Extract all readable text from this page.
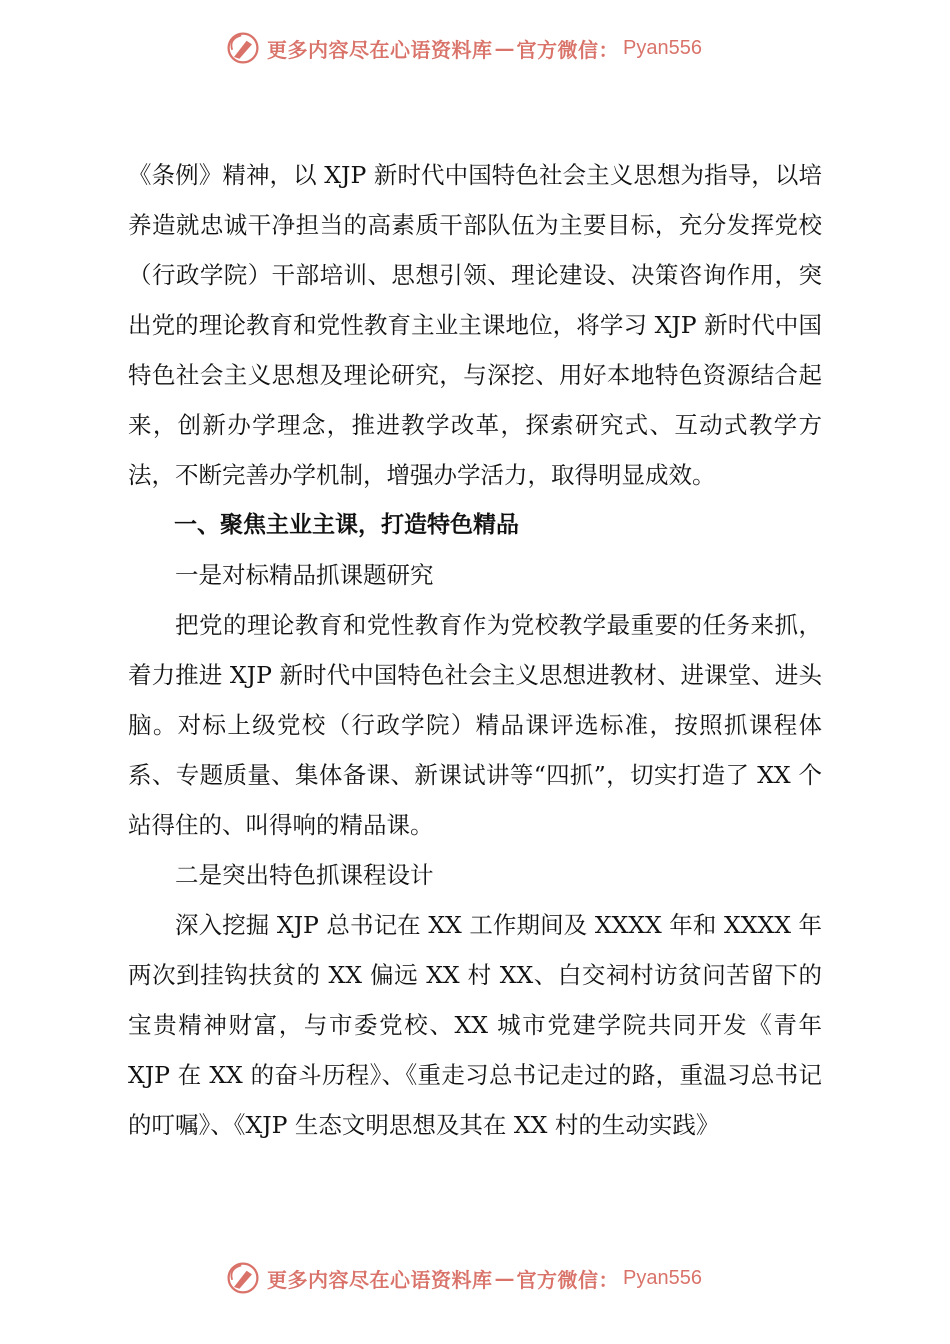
更多内容尽在心语资料库 — 官方微信： Pyan556

《条例》精神，以 XJP 新时代中国特色社会主义思想为指导，以培养造就忠诚干净担当的高素质干部队伍为主要目标，充分发挥党校（行政学院）干部培训、思想引领、理论建设、决策咨询作用，突出党的理论教育和党性教育主业主课地位，将学习 XJP 新时代中国特色社会主义思想及理论研究，与深挖、用好本地特色资源结合起来，创新办学理念，推进教学改革，探索研究式、互动式教学方法，不断完善办学机制，增强办学活力，取得明显成效。

一、聚焦主业主课，打造特色精品

一是对标精品抓课题研究

把党的理论教育和党性教育作为党校教学最重要的任务来抓，着力推进 XJP 新时代中国特色社会主义思想进教材、进课堂、进头脑。对标上级党校（行政学院）精品课评选标准，按照抓课程体系、专题质量、集体备课、新课试讲等“四抓”，切实打造了 XX 个站得住的、叫得响的精品课。

二是突出特色抓课程设计

深入挖掘 XJP 总书记在 XX 工作期间及 XXXX 年和 XXXX 年两次到挂钩扶贫的 XX 偏远 XX 村 XX、白交祠村访贫问苦留下的宝贵精神财富，与市委党校、XX 城市党建学院共同开发《青年 XJP 在 XX 的奋斗历程》、《重走习总书记走过的路，重温习总书记的叮嘱》、《XJP 生态文明思想及其在 XX 村的生动实践》

更多内容尽在心语资料库 — 官方微信： Pyan556
